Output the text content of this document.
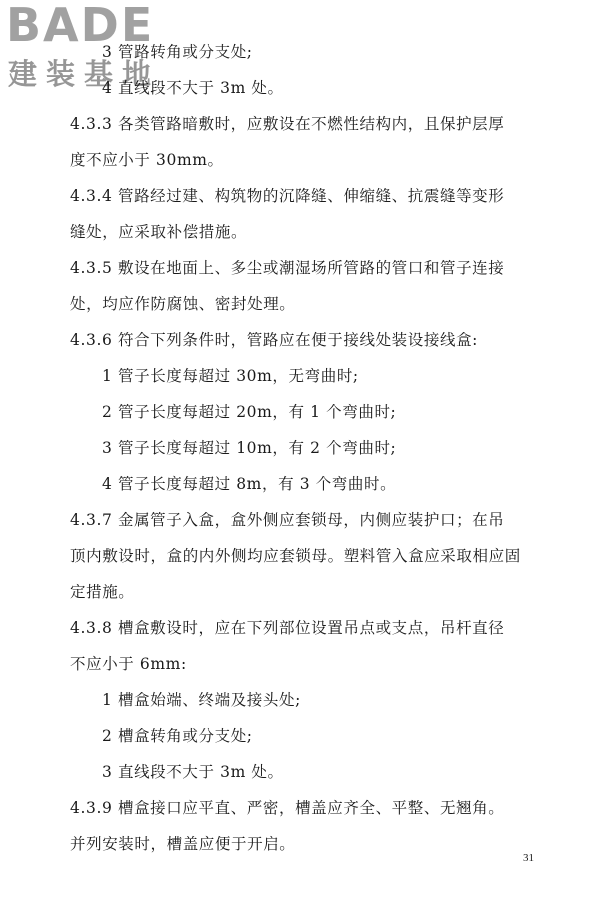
BADE
建装基地
3 管路转角或分支处;
4 直线段不大于 3m 处。
4.3.3 各类管路暗敷时，应敷设在不燃性结构内，且保护层厚
度不应小于 30mm。
4.3.4 管路经过建、构筑物的沉降缝、伸缩缝、抗震缝等变形
缝处，应采取补偿措施。
4.3.5 敷设在地面上、多尘或潮湿场所管路的管口和管子连接
处，均应作防腐蚀、密封处理。
4.3.6 符合下列条件时，管路应在便于接线处装设接线盒:
1 管子长度每超过 30m，无弯曲时;
2 管子长度每超过 20m，有 1 个弯曲时;
3 管子长度每超过 10m，有 2 个弯曲时;
4 管子长度每超过 8m，有 3 个弯曲时。
4.3.7 金属管子入盒，盒外侧应套锁母，内侧应装护口；在吊
顶内敷设时，盒的内外侧均应套锁母。塑料管入盒应采取相应固
定措施。
4.3.8 槽盒敷设时，应在下列部位设置吊点或支点，吊杆直径
不应小于 6mm:
1 槽盒始端、终端及接头处;
2 槽盒转角或分支处;
3 直线段不大于 3m 处。
4.3.9 槽盒接口应平直、严密，槽盖应齐全、平整、无翘角。
并列安装时，槽盖应便于开启。
31
